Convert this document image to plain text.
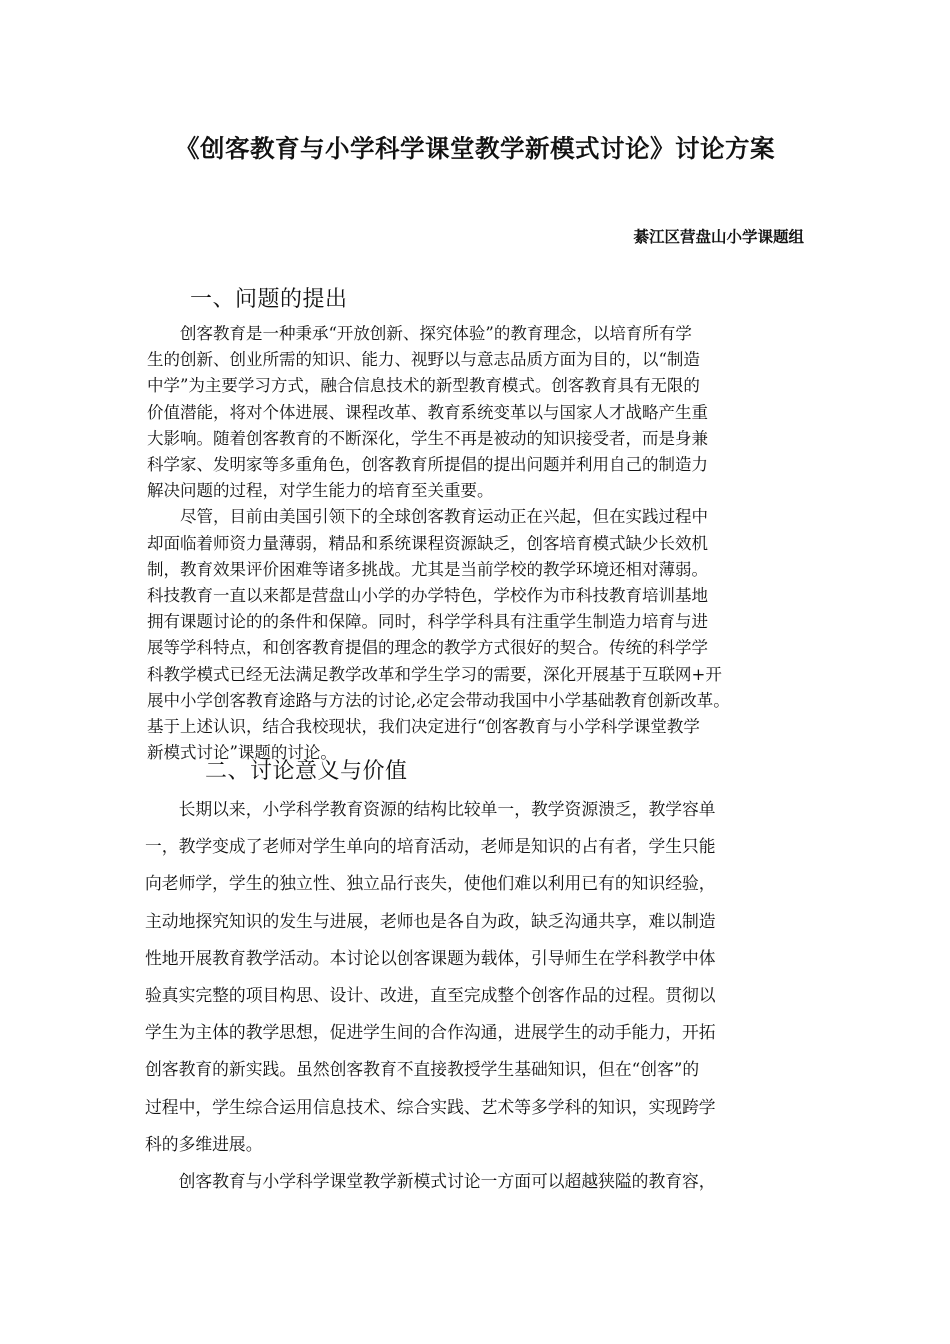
《创客教育与小学科学课堂教学新模式讨论》讨论方案
綦江区营盘山小学课题组
一、问题的提出
　　创客教育是一种秉承“开放创新、探究体验”的教育理念，以培育所有学
生的创新、创业所需的知识、能力、视野以与意志品质方面为目的，以“制造
中学”为主要学习方式，融合信息技术的新型教育模式。创客教育具有无限的
价值潜能，将对个体进展、课程改革、教育系统变革以与国家人才战略产生重
大影响。随着创客教育的不断深化，学生不再是被动的知识接受者，而是身兼
科学家、发明家等多重角色，创客教育所提倡的提出问题并利用自己的制造力
解决问题的过程，对学生能力的培育至关重要。
　　尽管，目前由美国引领下的全球创客教育运动正在兴起，但在实践过程中
却面临着师资力量薄弱，精品和系统课程资源缺乏，创客培育模式缺少长效机
制，教育效果评价困难等诸多挑战。尤其是当前学校的教学环境还相对薄弱。
科技教育一直以来都是营盘山小学的办学特色，学校作为市科技教育培训基地
拥有课题讨论的的条件和保障。同时，科学学科具有注重学生制造力培育与进
展等学科特点，和创客教育提倡的理念的教学方式很好的契合。传统的科学学
科教学模式已经无法满足教学改革和学生学习的需要，深化开展基于互联网+开
展中小学创客教育途路与方法的讨论,必定会带动我国中小学基础教育创新改革。
基于上述认识，结合我校现状，我们决定进行“创客教育与小学科学课堂教学
新模式讨论”课题的讨论。
二、讨论意义与价值
　　长期以来，小学科学教育资源的结构比较单一，教学资源溃乏，教学容单
一，教学变成了老师对学生单向的培育活动，老师是知识的占有者，学生只能
向老师学，学生的独立性、独立品行丧失，使他们难以利用已有的知识经验，
主动地探究知识的发生与进展，老师也是各自为政，缺乏沟通共享，难以制造
性地开展教育教学活动。本讨论以创客课题为载体，引导师生在学科教学中体
验真实完整的项目构思、设计、改进，直至完成整个创客作品的过程。贯彻以
学生为主体的教学思想，促进学生间的合作沟通，进展学生的动手能力，开拓
创客教育的新实践。虽然创客教育不直接教授学生基础知识，但在“创客”的
过程中，学生综合运用信息技术、综合实践、艺术等多学科的知识，实现跨学
科的多维进展。
　　创客教育与小学科学课堂教学新模式讨论一方面可以超越狭隘的教育容，
